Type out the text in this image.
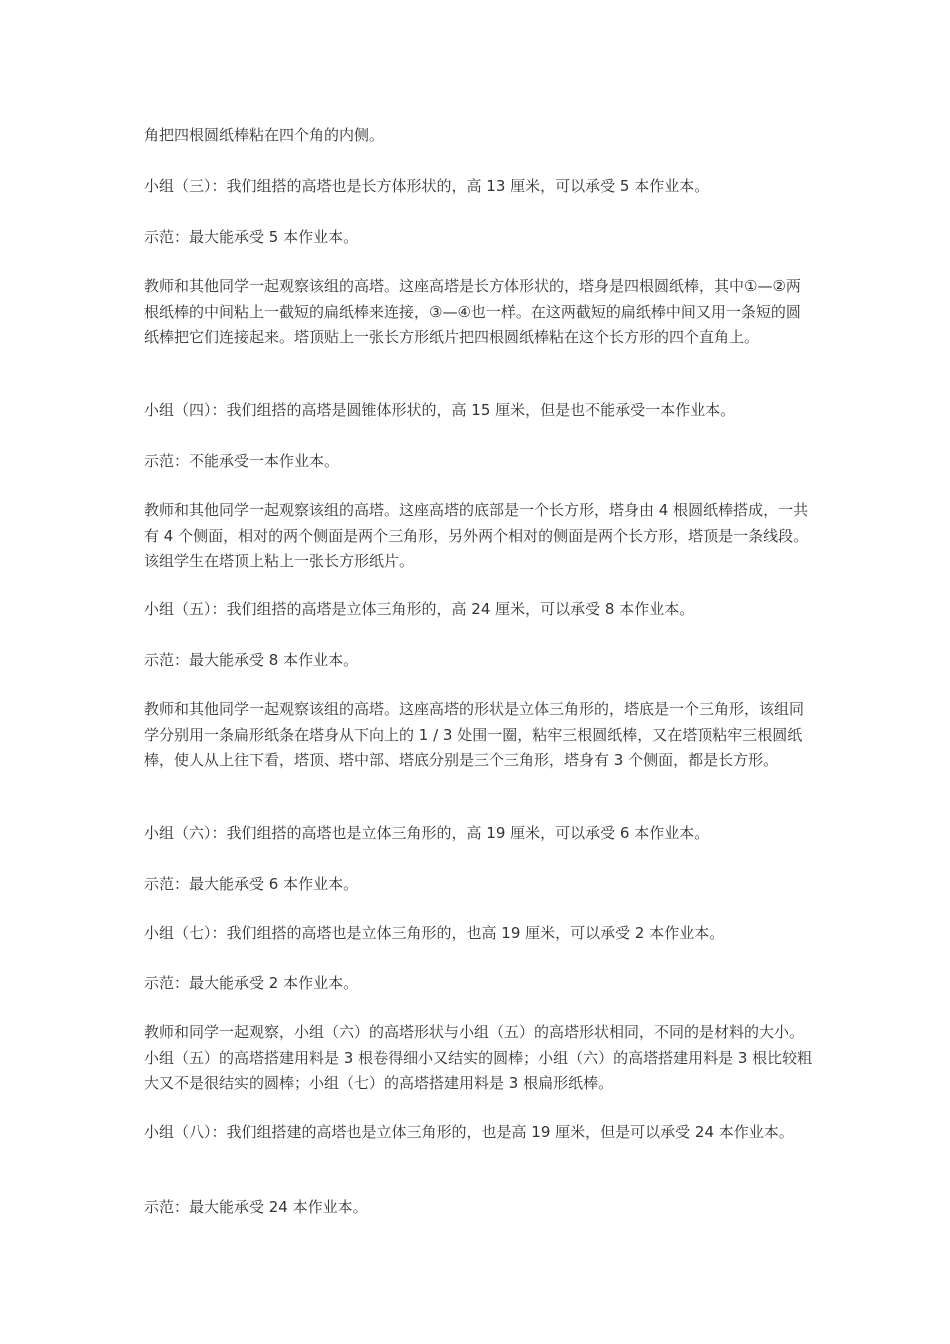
角把四根圆纸棒粘在四个角的内侧。

小组（三）：我们组搭的高塔也是长方体形状的，高 13 厘米，可以承受 5 本作业本。

示范：最大能承受 5 本作业本。

教师和其他同学一起观察该组的高塔。这座高塔是长方体形状的，塔身是四根圆纸棒，其中①—②两根纸棒的中间粘上一截短的扁纸棒来连接，③—④也一样。在这两截短的扁纸棒中间又用一条短的圆纸棒把它们连接起来。塔顶贴上一张长方形纸片把四根圆纸棒粘在这个长方形的四个直角上。

小组（四）：我们组搭的高塔是圆锥体形状的，高 15 厘米，但是也不能承受一本作业本。

示范：不能承受一本作业本。

教师和其他同学一起观察该组的高塔。这座高塔的底部是一个长方形，塔身由 4 根圆纸棒搭成，一共有 4 个侧面，相对的两个侧面是两个三角形，另外两个相对的侧面是两个长方形，塔顶是一条线段。该组学生在塔顶上粘上一张长方形纸片。

小组（五）：我们组搭的高塔是立体三角形的，高 24 厘米，可以承受 8 本作业本。

示范：最大能承受 8 本作业本。

教师和其他同学一起观察该组的高塔。这座高塔的形状是立体三角形的，塔底是一个三角形，该组同学分别用一条扁形纸条在塔身从下向上的 1 / 3 处围一圈，粘牢三根圆纸棒，又在塔顶粘牢三根圆纸棒，使人从上往下看，塔顶、塔中部、塔底分别是三个三角形，塔身有 3 个侧面，都是长方形。

小组（六）：我们组搭的高塔也是立体三角形的，高 19 厘米，可以承受 6 本作业本。

示范：最大能承受 6 本作业本。

小组（七）：我们组搭的高塔也是立体三角形的，也高 19 厘米，可以承受 2 本作业本。

示范：最大能承受 2 本作业本。

教师和同学一起观察，小组（六）的高塔形状与小组（五）的高塔形状相同，不同的是材料的大小。小组（五）的高塔搭建用料是 3 根卷得细小又结实的圆棒；小组（六）的高塔搭建用料是 3 根比较粗大又不是很结实的圆棒；小组（七）的高塔搭建用料是 3 根扁形纸棒。

小组（八）：我们组搭建的高塔也是立体三角形的，也是高 19 厘米，但是可以承受 24 本作业本。

示范：最大能承受 24 本作业本。
